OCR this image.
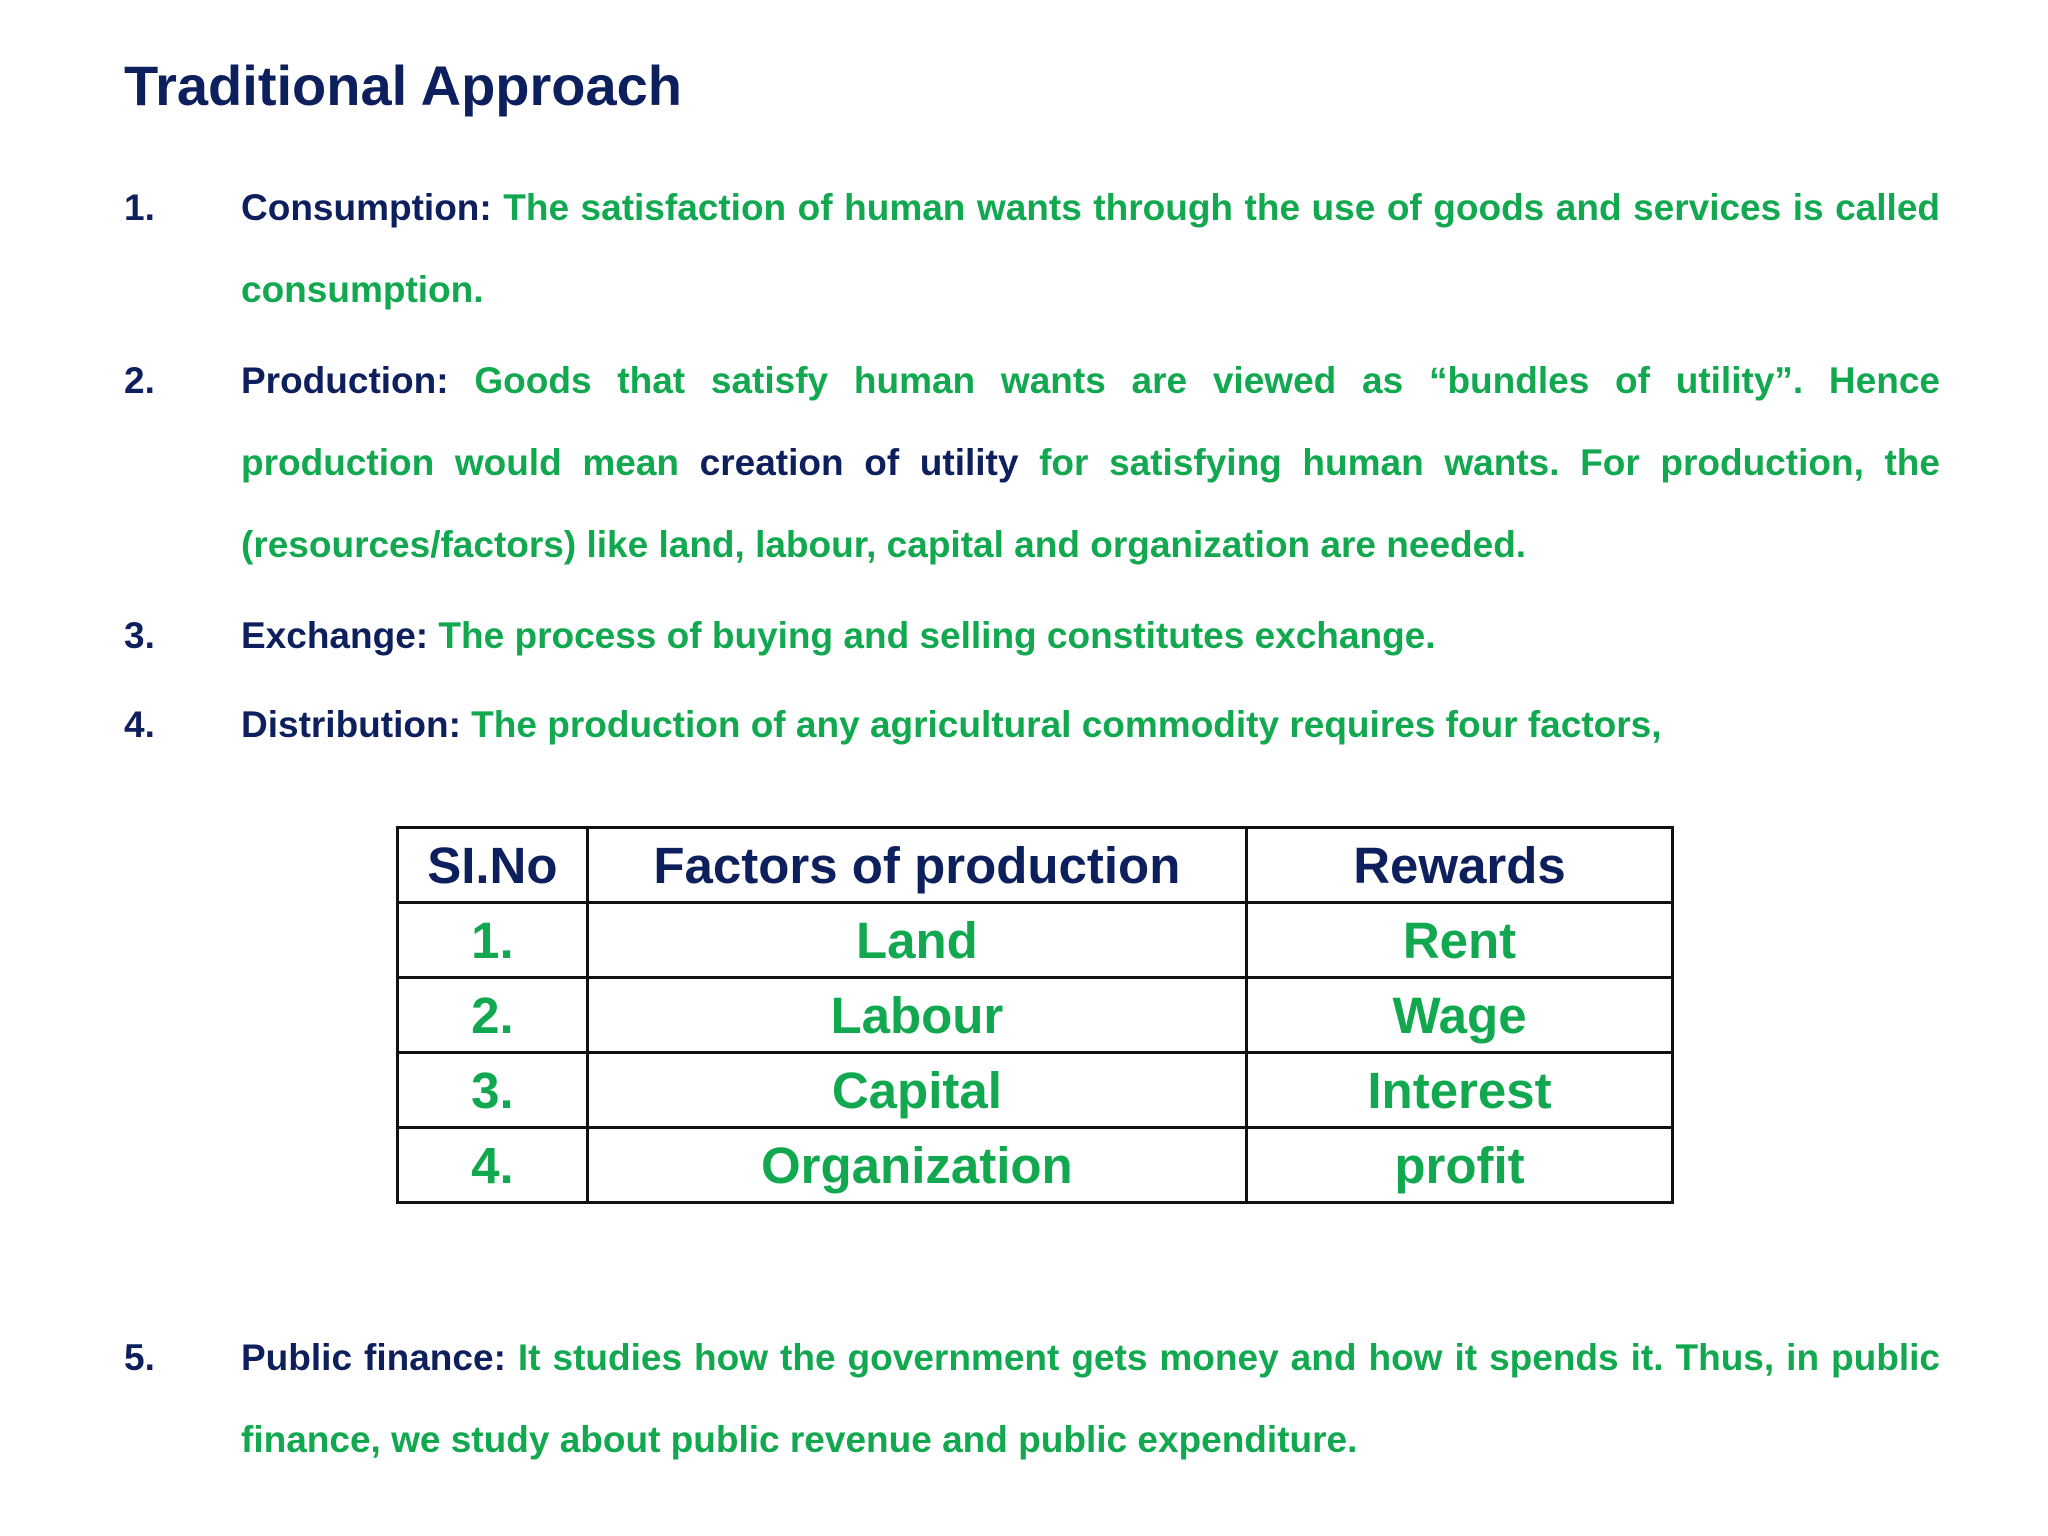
Traditional Approach
1. Consumption: The satisfaction of human wants through the use of goods and services is called consumption.
2. Production: Goods that satisfy human wants are viewed as “bundles of utility”. Hence production would mean creation of utility for satisfying human wants. For production, the (resources/factors) like land, labour, capital and organization are needed.
3. Exchange: The process of buying and selling constitutes exchange.
4. Distribution: The production of any agricultural commodity requires four factors,
SI.No	Factors of production	Rewards
1.	Land	Rent
2.	Labour	Wage
3.	Capital	Interest
4.	Organization	profit
5. Public finance: It studies how the government gets money and how it spends it. Thus, in public finance, we study about public revenue and public expenditure.
